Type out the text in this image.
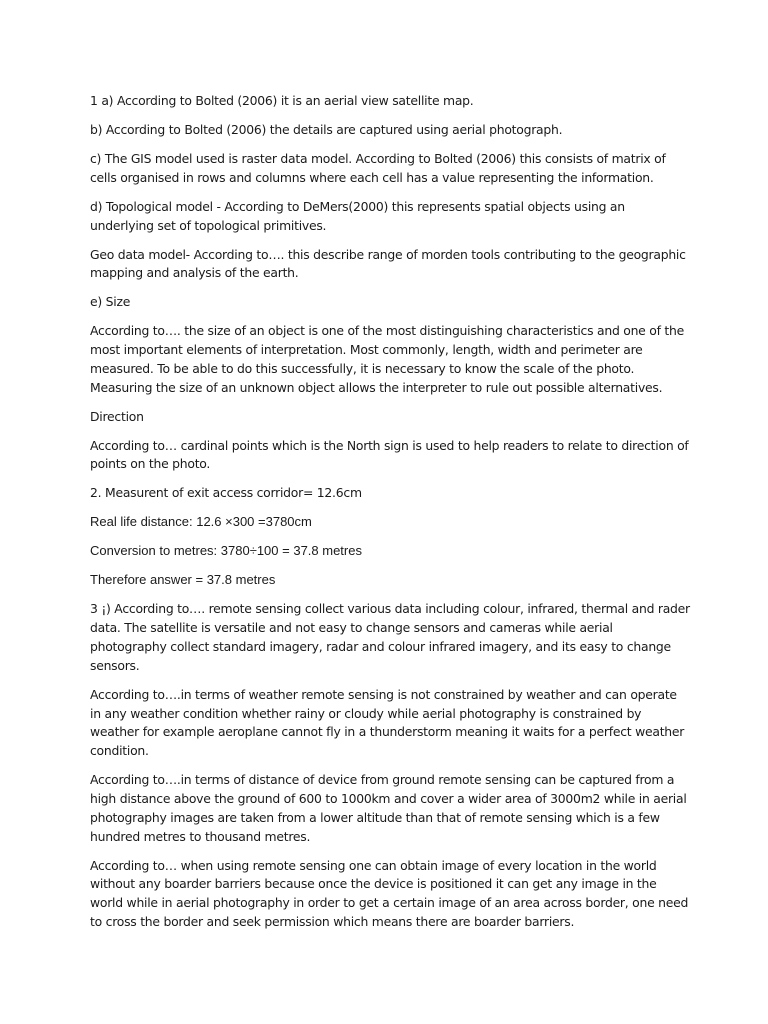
1 a) According to Bolted (2006) it is an aerial view satellite map.

b) According to Bolted (2006) the details are captured using aerial photograph.

c) The GIS model used is raster data model. According to Bolted (2006) this consists of matrix of cells organised in rows and columns where each cell has a value representing the information.

d) Topological model - According to DeMers(2000) this represents spatial objects using an underlying set of topological primitives.

Geo data model- According to…. this describe range of morden tools contributing to the geographic mapping and analysis of the earth.

e) Size

According to…. the size of an object is one of the most distinguishing characteristics and one of the most important elements of interpretation. Most commonly, length, width and perimeter are measured. To be able to do this successfully, it is necessary to know the scale of the photo. Measuring the size of an unknown object allows the interpreter to rule out possible alternatives.

Direction

According to… cardinal points which is the North sign is used to help readers to relate to direction of points on the photo.

2. Measurent of exit access corridor= 12.6cm

Real life distance: 12.6 ×300 =3780cm

Conversion to metres: 3780÷100 = 37.8 metres

Therefore answer = 37.8 metres

3 ¡) According to…. remote sensing collect various data including colour, infrared, thermal and rader data. The satellite is versatile and not easy to change sensors and cameras while aerial photography collect standard imagery, radar and colour infrared imagery, and its easy to change sensors.

According to….in terms of weather remote sensing is not constrained by weather and can operate in any weather condition whether rainy or cloudy while aerial photography is constrained by weather for example aeroplane cannot fly in a thunderstorm meaning it waits for a perfect weather condition.

According to….in terms of distance of device from ground remote sensing can be captured from a high distance above the ground of 600 to 1000km and cover a wider area of 3000m2 while in aerial photography images are taken from a lower altitude than that of remote sensing which is a few hundred metres to thousand metres.

According to… when using remote sensing one can obtain image of every location in the world without any boarder barriers because once the device is positioned it can get any image in the world while in aerial photography in order to get a certain image of an area across border, one need to cross the border and seek permission which means there are boarder barriers.
